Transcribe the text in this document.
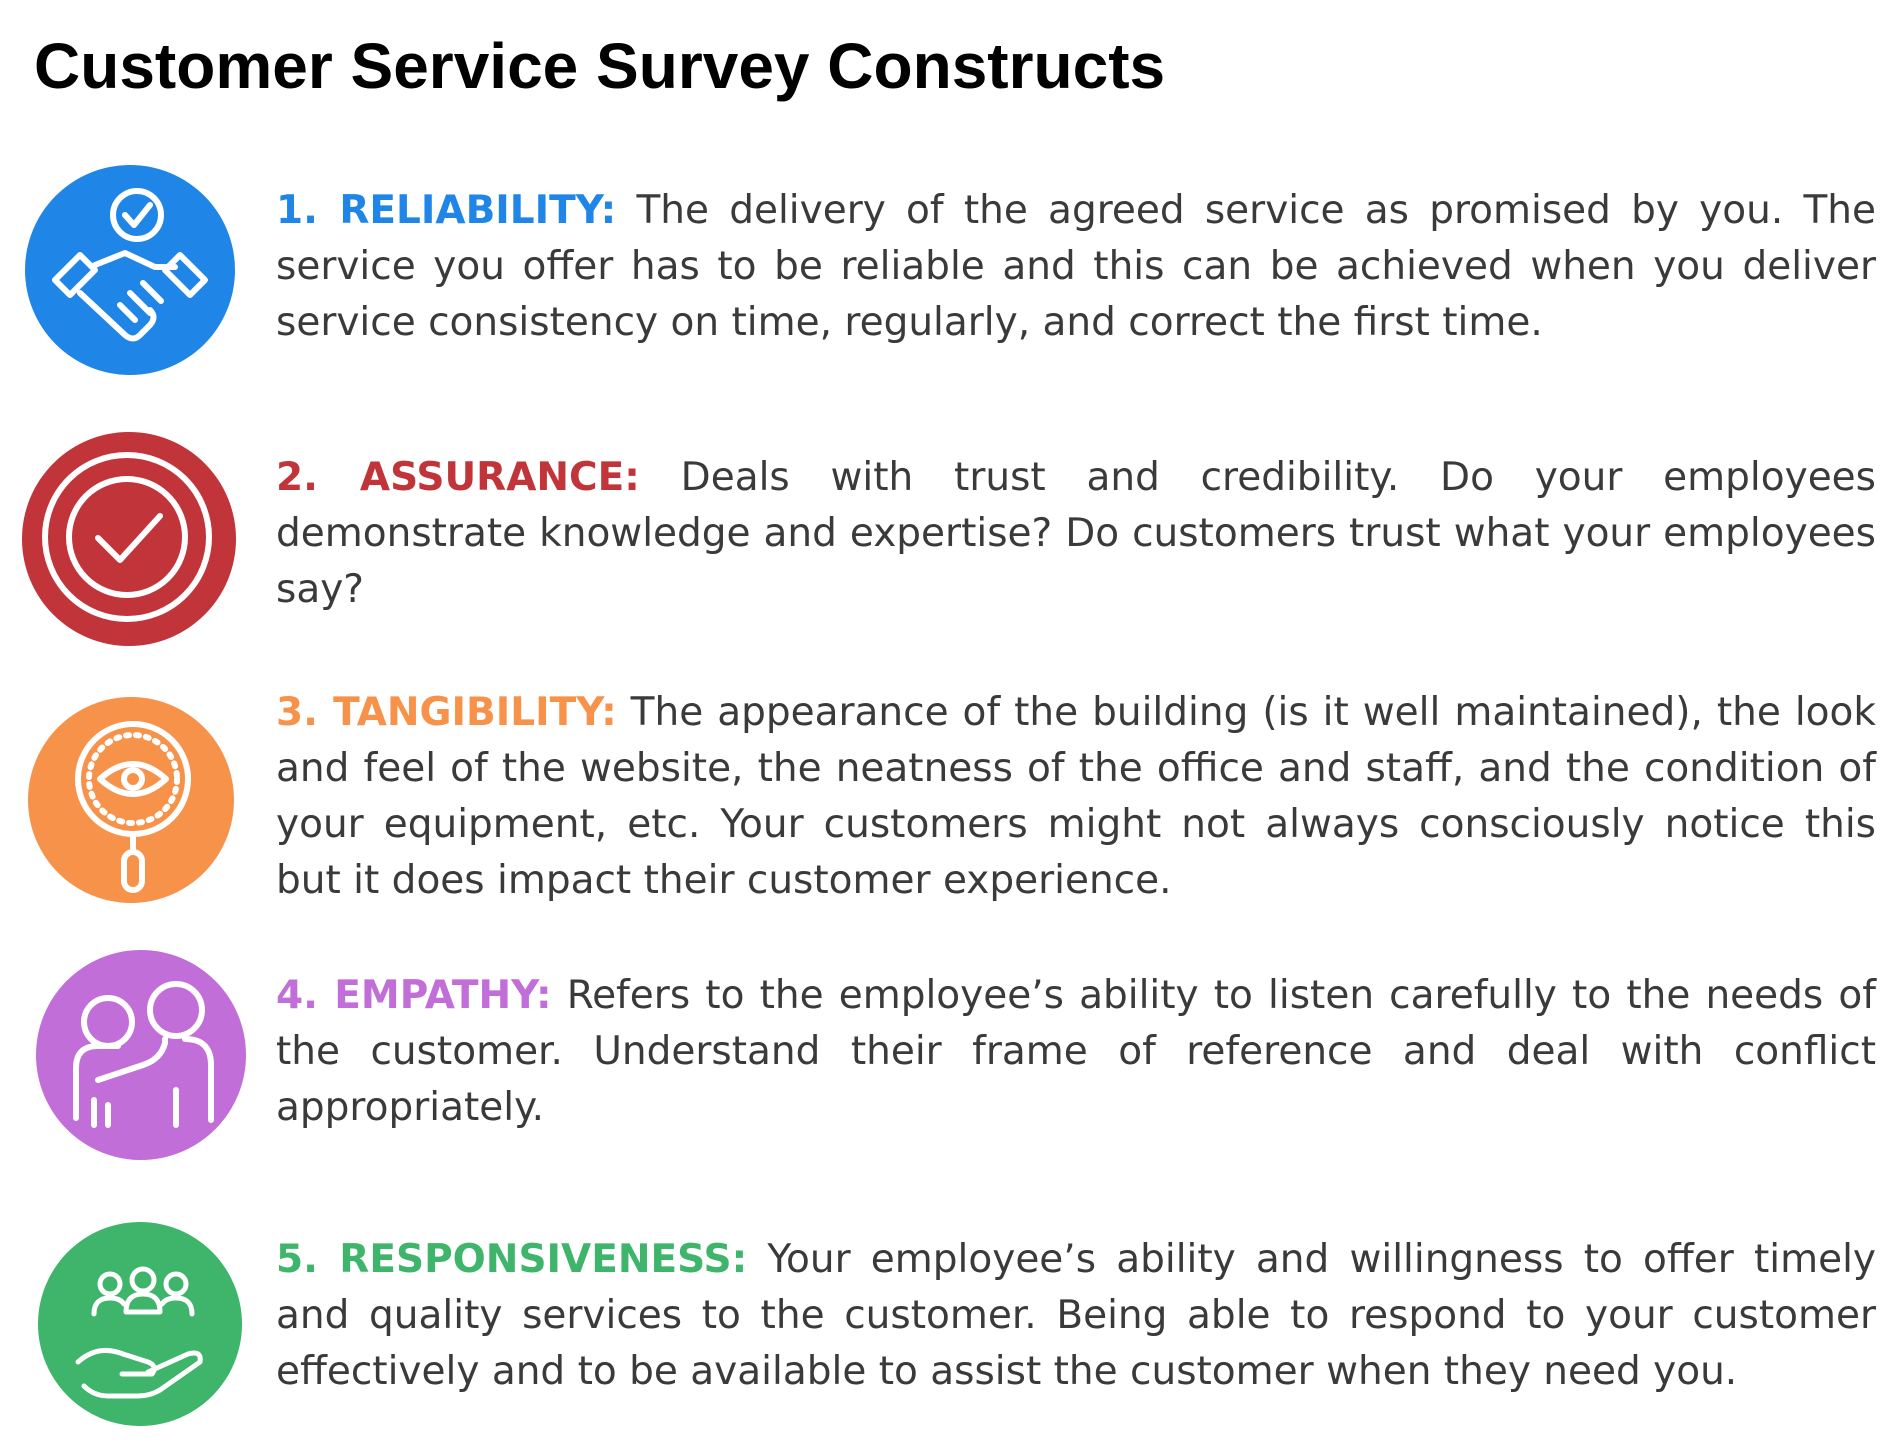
Customer Service Survey Constructs

1. RELIABILITY: The delivery of the agreed service as promised by you. The service you offer has to be reliable and this can be achieved when you deliver service consistency on time, regularly, and correct the first time.

2. ASSURANCE: Deals with trust and credibility. Do your employees demonstrate knowledge and expertise? Do customers trust what your employees say?

3. TANGIBILITY: The appearance of the building (is it well maintained), the look and feel of the website, the neatness of the office and staff, and the condition of your equipment, etc. Your customers might not always consciously notice this but it does impact their customer experience.

4. EMPATHY: Refers to the employee’s ability to listen carefully to the needs of the customer. Understand their frame of reference and deal with conflict appropriately.

5. RESPONSIVENESS: Your employee’s ability and willingness to offer timely and quality services to the customer. Being able to respond to your customer effectively and to be available to assist the customer when they need you.
